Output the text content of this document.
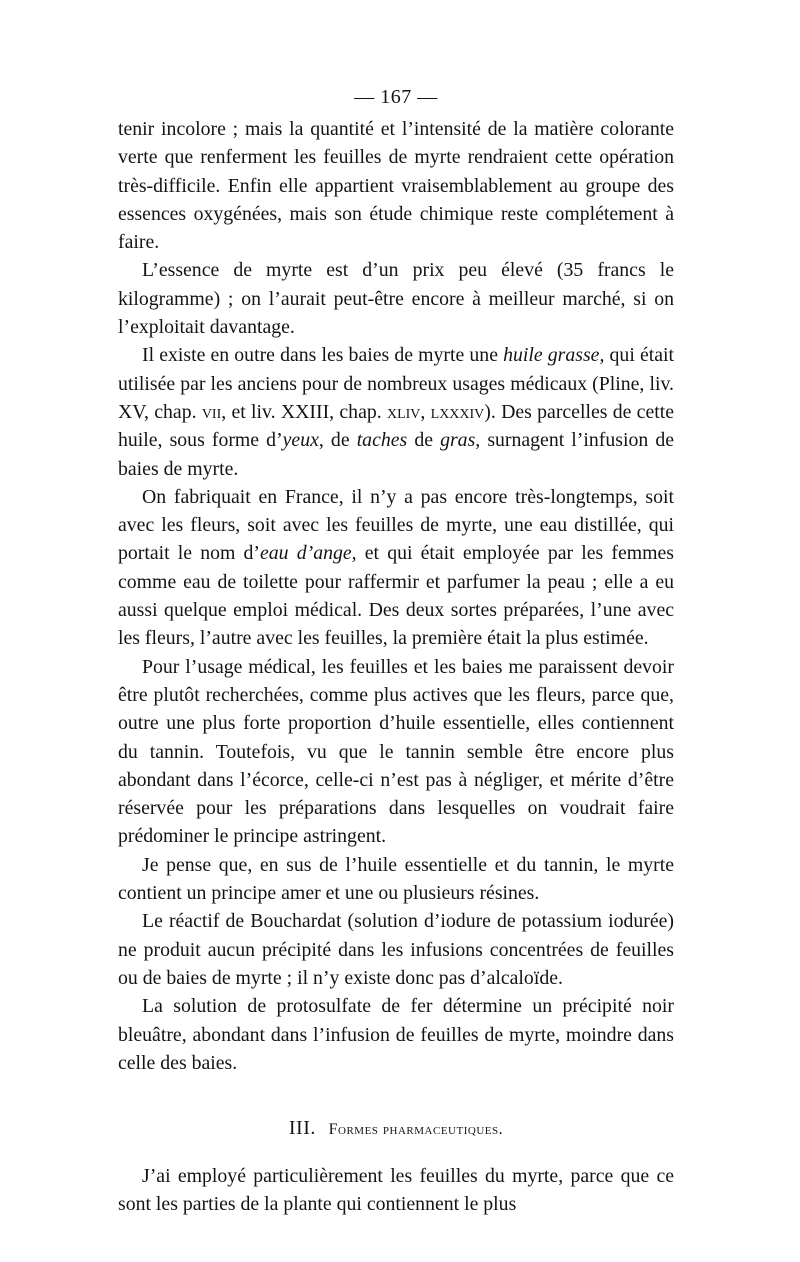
— 167 —

tenir incolore ; mais la quantité et l’intensité de la matière colorante verte que renferment les feuilles de myrte rendraient cette opération très-difficile. Enfin elle appartient vraisemblablement au groupe des essences oxygénées, mais son étude chimique reste complétement à faire.

L’essence de myrte est d’un prix peu élevé (35 francs le kilogramme) ; on l’aurait peut-être encore à meilleur marché, si on l’exploitait davantage.

Il existe en outre dans les baies de myrte une huile grasse, qui était utilisée par les anciens pour de nombreux usages médicaux (Pline, liv. XV, chap. vii, et liv. XXIII, chap. xliv, lxxxiv). Des parcelles de cette huile, sous forme d’yeux, de taches de gras, surnagent l’infusion de baies de myrte.

On fabriquait en France, il n’y a pas encore très-longtemps, soit avec les fleurs, soit avec les feuilles de myrte, une eau distillée, qui portait le nom d’eau d’ange, et qui était employée par les femmes comme eau de toilette pour raffermir et parfumer la peau ; elle a eu aussi quelque emploi médical. Des deux sortes préparées, l’une avec les fleurs, l’autre avec les feuilles, la première était la plus estimée.

Pour l’usage médical, les feuilles et les baies me paraissent devoir être plutôt recherchées, comme plus actives que les fleurs, parce que, outre une plus forte proportion d’huile essentielle, elles contiennent du tannin. Toutefois, vu que le tannin semble être encore plus abondant dans l’écorce, celle-ci n’est pas à négliger, et mérite d’être réservée pour les préparations dans lesquelles on voudrait faire prédominer le principe astringent.

Je pense que, en sus de l’huile essentielle et du tannin, le myrte contient un principe amer et une ou plusieurs résines.

Le réactif de Bouchardat (solution d’iodure de potassium iodurée) ne produit aucun précipité dans les infusions concentrées de feuilles ou de baies de myrte ; il n’y existe donc pas d’alcaloïde.

La solution de protosulfate de fer détermine un précipité noir bleuâtre, abondant dans l’infusion de feuilles de myrte, moindre dans celle des baies.

III. Formes pharmaceutiques.

J’ai employé particulièrement les feuilles du myrte, parce que ce sont les parties de la plante qui contiennent le plus
